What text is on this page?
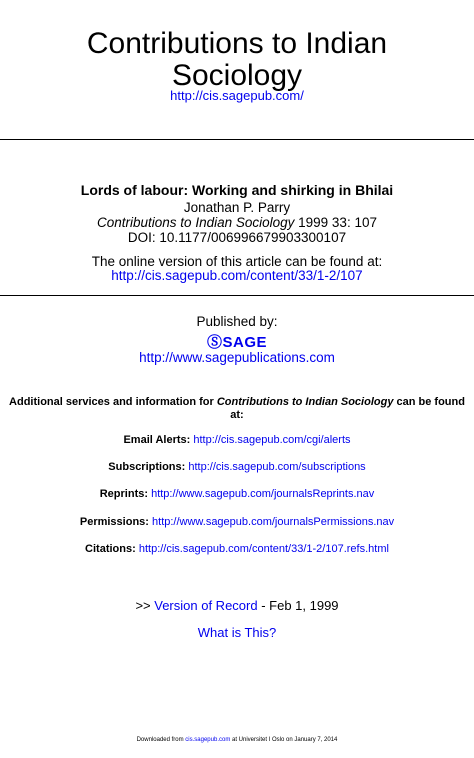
Contributions to Indian
Sociology
http://cis.sagepub.com/
Lords of labour: Working and shirking in Bhilai
Jonathan P. Parry
Contributions to Indian Sociology 1999 33: 107
DOI: 10.1177/006996679903300107
The online version of this article can be found at:
http://cis.sagepub.com/content/33/1-2/107
Published by:
ⓈSAGE
http://www.sagepublications.com
Additional services and information for Contributions to Indian Sociology can be found at:
Email Alerts: http://cis.sagepub.com/cgi/alerts
Subscriptions: http://cis.sagepub.com/subscriptions
Reprints: http://www.sagepub.com/journalsReprints.nav
Permissions: http://www.sagepub.com/journalsPermissions.nav
Citations: http://cis.sagepub.com/content/33/1-2/107.refs.html
>> Version of Record - Feb 1, 1999
What is This?
Downloaded from cis.sagepub.com at Universitet I Oslo on January 7, 2014
